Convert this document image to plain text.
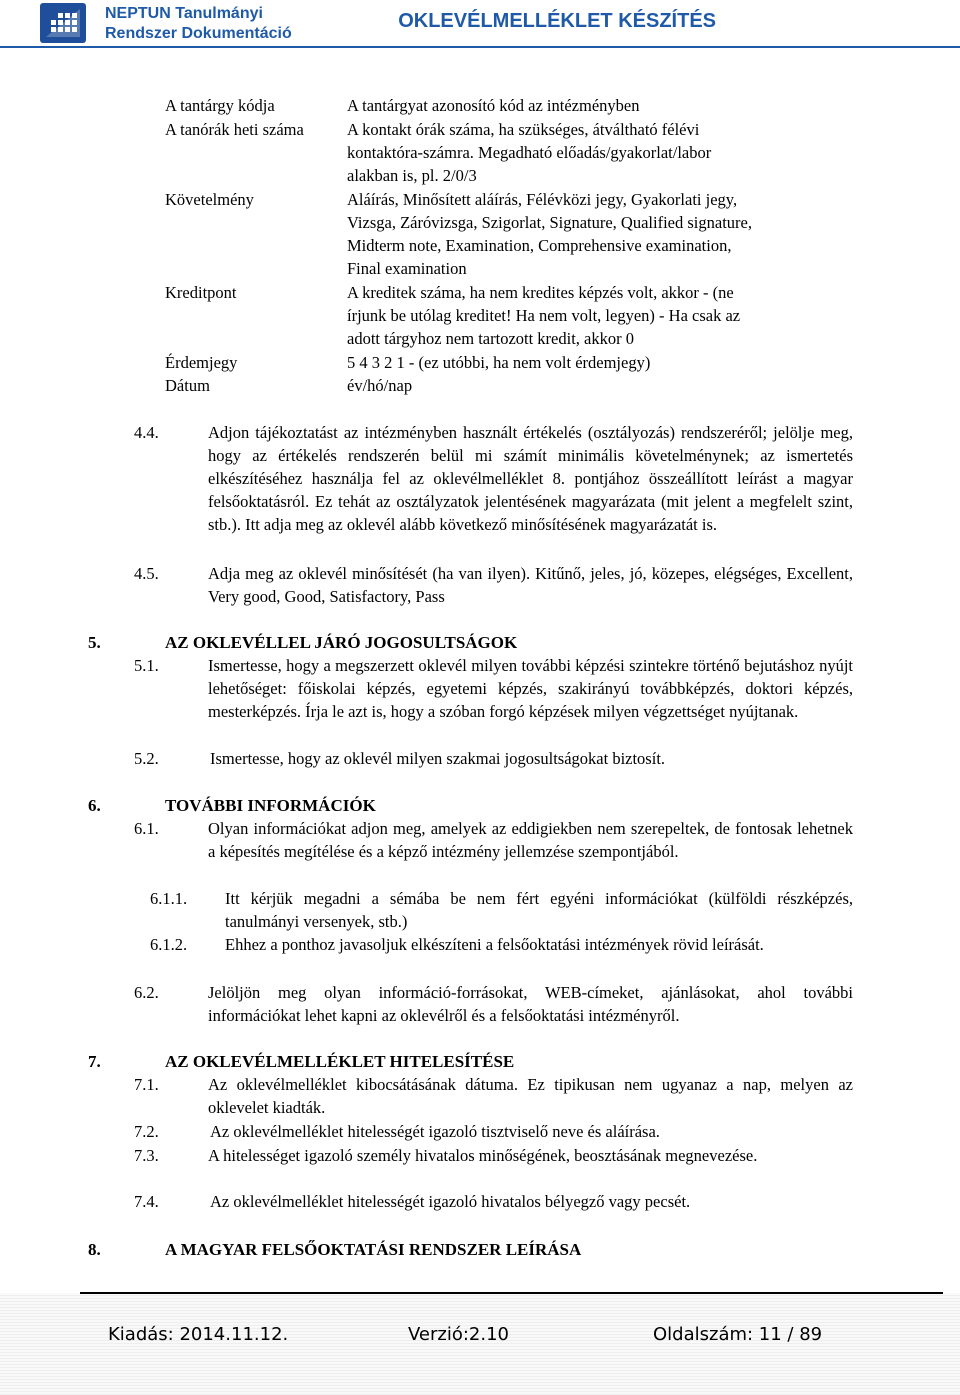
NEPTUN Tanulmányi
Rendszer Dokumentáció
OKLEVÉLMELLÉKLET KÉSZÍTÉS
A tantárgy kódja	A tantárgyat azonosító kód az intézményben
A tanórák heti száma	A kontakt órák száma, ha szükséges, átváltható félévi
kontaktóra-számra. Megadható előadás/gyakorlat/labor
alakban is, pl. 2/0/3
Követelmény	Aláírás, Minősített aláírás, Félévközi jegy, Gyakorlati jegy,
Vizsga, Záróvizsga, Szigorlat, Signature, Qualified signature,
Midterm note, Examination, Comprehensive examination,
Final examination
Kreditpont	A kreditek száma, ha nem kredites képzés volt, akkor - (ne
írjunk be utólag kreditet! Ha nem volt, legyen) - Ha csak az
adott tárgyhoz nem tartozott kredit, akkor 0
Érdemjegy	5 4 3 2 1 - (ez utóbbi, ha nem volt érdemjegy)
Dátum	év/hó/nap
4.4.	Adjon tájékoztatást az intézményben használt értékelés (osztályozás) rendszeréről; jelölje meg, hogy az értékelés rendszerén belül mi számít minimális követelménynek; az ismertetés elkészítéséhez használja fel az oklevélmelléklet 8. pontjához összeállított leírást a magyar felsőoktatásról. Ez tehát az osztályzatok jelentésének magyarázata (mit jelent a megfelelt szint, stb.). Itt adja meg az oklevél alább következő minősítésének magyarázatát is.
4.5.	Adja meg az oklevél minősítését (ha van ilyen). Kitűnő, jeles, jó, közepes, elégséges, Excellent, Very good, Good, Satisfactory, Pass
5.	AZ OKLEVÉLLEL JÁRÓ JOGOSULTSÁGOK
5.1.	Ismertesse, hogy a megszerzett oklevél milyen további képzési szintekre történő bejutáshoz nyújt lehetőséget: főiskolai képzés, egyetemi képzés, szakirányú továbbképzés, doktori képzés, mesterképzés. Írja le azt is, hogy a szóban forgó képzések milyen végzettséget nyújtanak.
5.2.	Ismertesse, hogy az oklevél milyen szakmai jogosultságokat biztosít.
6.	TOVÁBBI INFORMÁCIÓK
6.1.	Olyan információkat adjon meg, amelyek az eddigiekben nem szerepeltek, de fontosak lehetnek a képesítés megítélése és a képző intézmény jellemzése szempontjából.
6.1.1. Itt kérjük megadni a sémába be nem fért egyéni információkat (külföldi részképzés, tanulmányi versenyek, stb.)
6.1.2. Ehhez a ponthoz javasoljuk elkészíteni a felsőoktatási intézmények rövid leírását.
6.2.	Jelöljön meg olyan információ-forrásokat, WEB-címeket, ajánlásokat, ahol további információkat lehet kapni az oklevélről és a felsőoktatási intézményről.
7.	AZ OKLEVÉLMELLÉKLET HITELESÍTÉSE
7.1.	Az oklevélmelléklet kibocsátásának dátuma. Ez tipikusan nem ugyanaz a nap, melyen az oklevelet kiadták.
7.2.	Az oklevélmelléklet hitelességét igazoló tisztviselő neve és aláírása.
7.3.	A hitelességet igazoló személy hivatalos minőségének, beosztásának megnevezése.
7.4.	Az oklevélmelléklet hitelességét igazoló hivatalos bélyegző vagy pecsét.
8.	A MAGYAR FELSŐOKTATÁSI RENDSZER LEÍRÁSA
Kiadás: 2014.11.12.	Verzió:2.10	Oldalszám: 11 / 89
